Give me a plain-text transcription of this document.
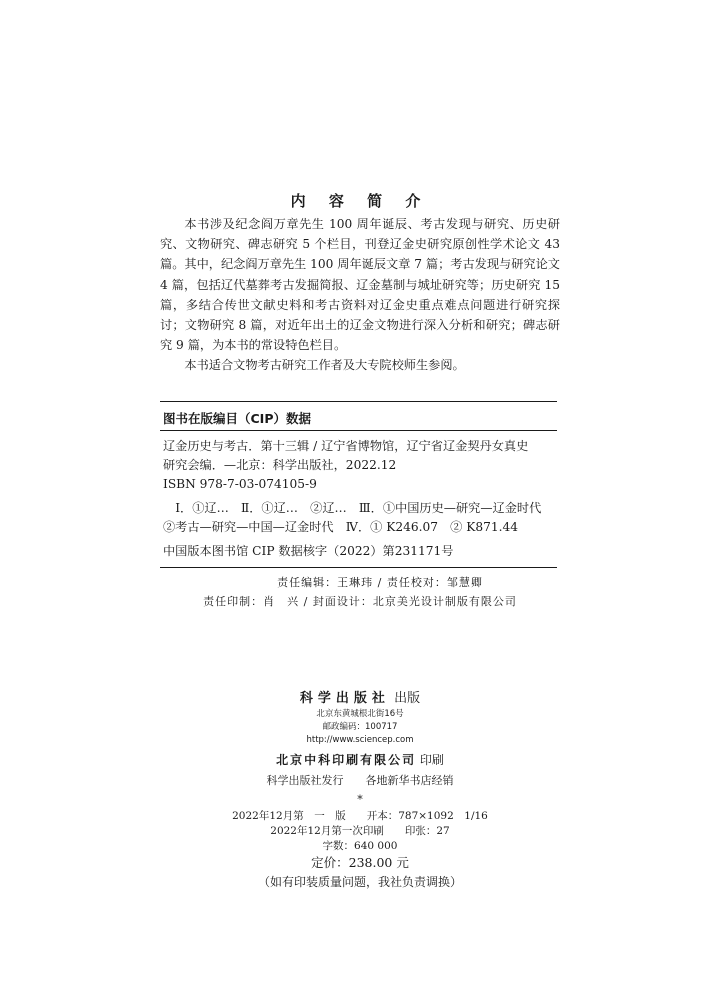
内 容 简 介

本书涉及纪念阎万章先生 100 周年诞辰、考古发现与研究、历史研究、文物研究、碑志研究 5 个栏目，刊登辽金史研究原创性学术论文 43 篇。其中，纪念阎万章先生 100 周年诞辰文章 7 篇；考古发现与研究论文 4 篇，包括辽代墓葬考古发掘简报、辽金墓制与城址研究等；历史研究 15 篇，多结合传世文献史料和考古资料对辽金史重点难点问题进行研究探讨；文物研究 8 篇，对近年出土的辽金文物进行深入分析和研究；碑志研究 9 篇，为本书的常设特色栏目。

本书适合文物考古研究工作者及大专院校师生参阅。

图书在版编目（CIP）数据
辽金历史与考古．第十三辑 / 辽宁省博物馆，辽宁省辽金契丹女真史
研究会编．—北京：科学出版社，2022.12
ISBN 978-7-03-074105-9
Ⅰ．①辽…　Ⅱ．①辽…　②辽…　Ⅲ．①中国历史—研究—辽金时代
②考古—研究—中国—辽金时代　Ⅳ．① K246.07　② K871.44
中国版本图书馆 CIP 数据核字（2022）第231171号
责任编辑：王琳玮 / 责任校对：邹慧卿
责任印制：肖　兴 / 封面设计：北京美光设计制版有限公司
科学出版社 出版
北京东黄城根北街16号
邮政编码：100717
http://www.sciencep.com
北京中科印刷有限公司 印刷
科学出版社发行　　各地新华书店经销
*
2022年12月第　一　版　　开本：787×1092　1/16
2022年12月第一次印刷　　印张：27
字数：640 000
定价：238.00 元
（如有印装质量问题，我社负责调换）
